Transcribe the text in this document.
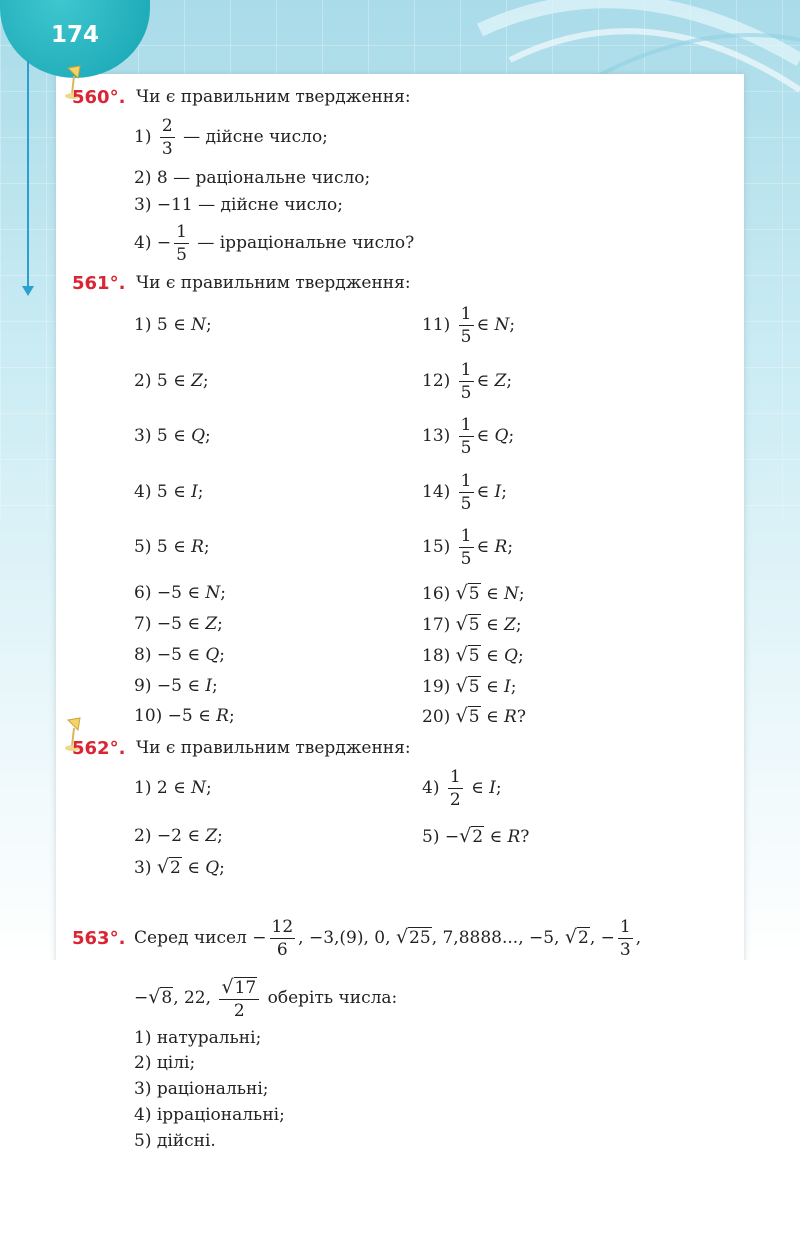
174
560°. Чи є правильним твердження:
$1) \frac{2}{3}$ — дійсне число;
2) 8 — раціональне число;
3) −11 — дійсне число;
$4) - \frac{1}{5}$ — ірраціональне число?
561°. Чи є правильним твердження:
1) 5 ∈ N;
2) 5 ∈ Z;
3) 5 ∈ Q;
4) 5 ∈ I;
5) 5 ∈ R;
6) −5 ∈ N;
7) −5 ∈ Z;
8) −5 ∈ Q;
9) −5 ∈ I;
10) −5 ∈ R;
$11) \frac{1}{5}$ ∈ N;
$12) \frac{1}{5}$ ∈ Z;
$13) \frac{1}{5}$ ∈ Q;
$14) \frac{1}{5}$ ∈ I;
$15) \frac{1}{5}$ ∈ R;
16) √5 ∈ N;
17) √5 ∈ Z;
18) √5 ∈ Q;
19) √5 ∈ I;
20) √5 ∈ R?
562°. Чи є правильним твердження:
1) 2 ∈ N;
2) −2 ∈ Z;
3) √2 ∈ Q;
$4) \frac{1}{2}$ ∈ I;
5) −√2 ∈ R?
563°. Серед чисел − $\frac{12}{6}$ , −3,(9), 0, √25, 7,8888..., −5, √2, − $\frac{1}{3}$ ,
−√8, 22, $\frac{√17}{2}$ оберіть числа:
1) натуральні;
2) цілі;
3) раціональні;
4) ірраціональні;
5) дійсні.
